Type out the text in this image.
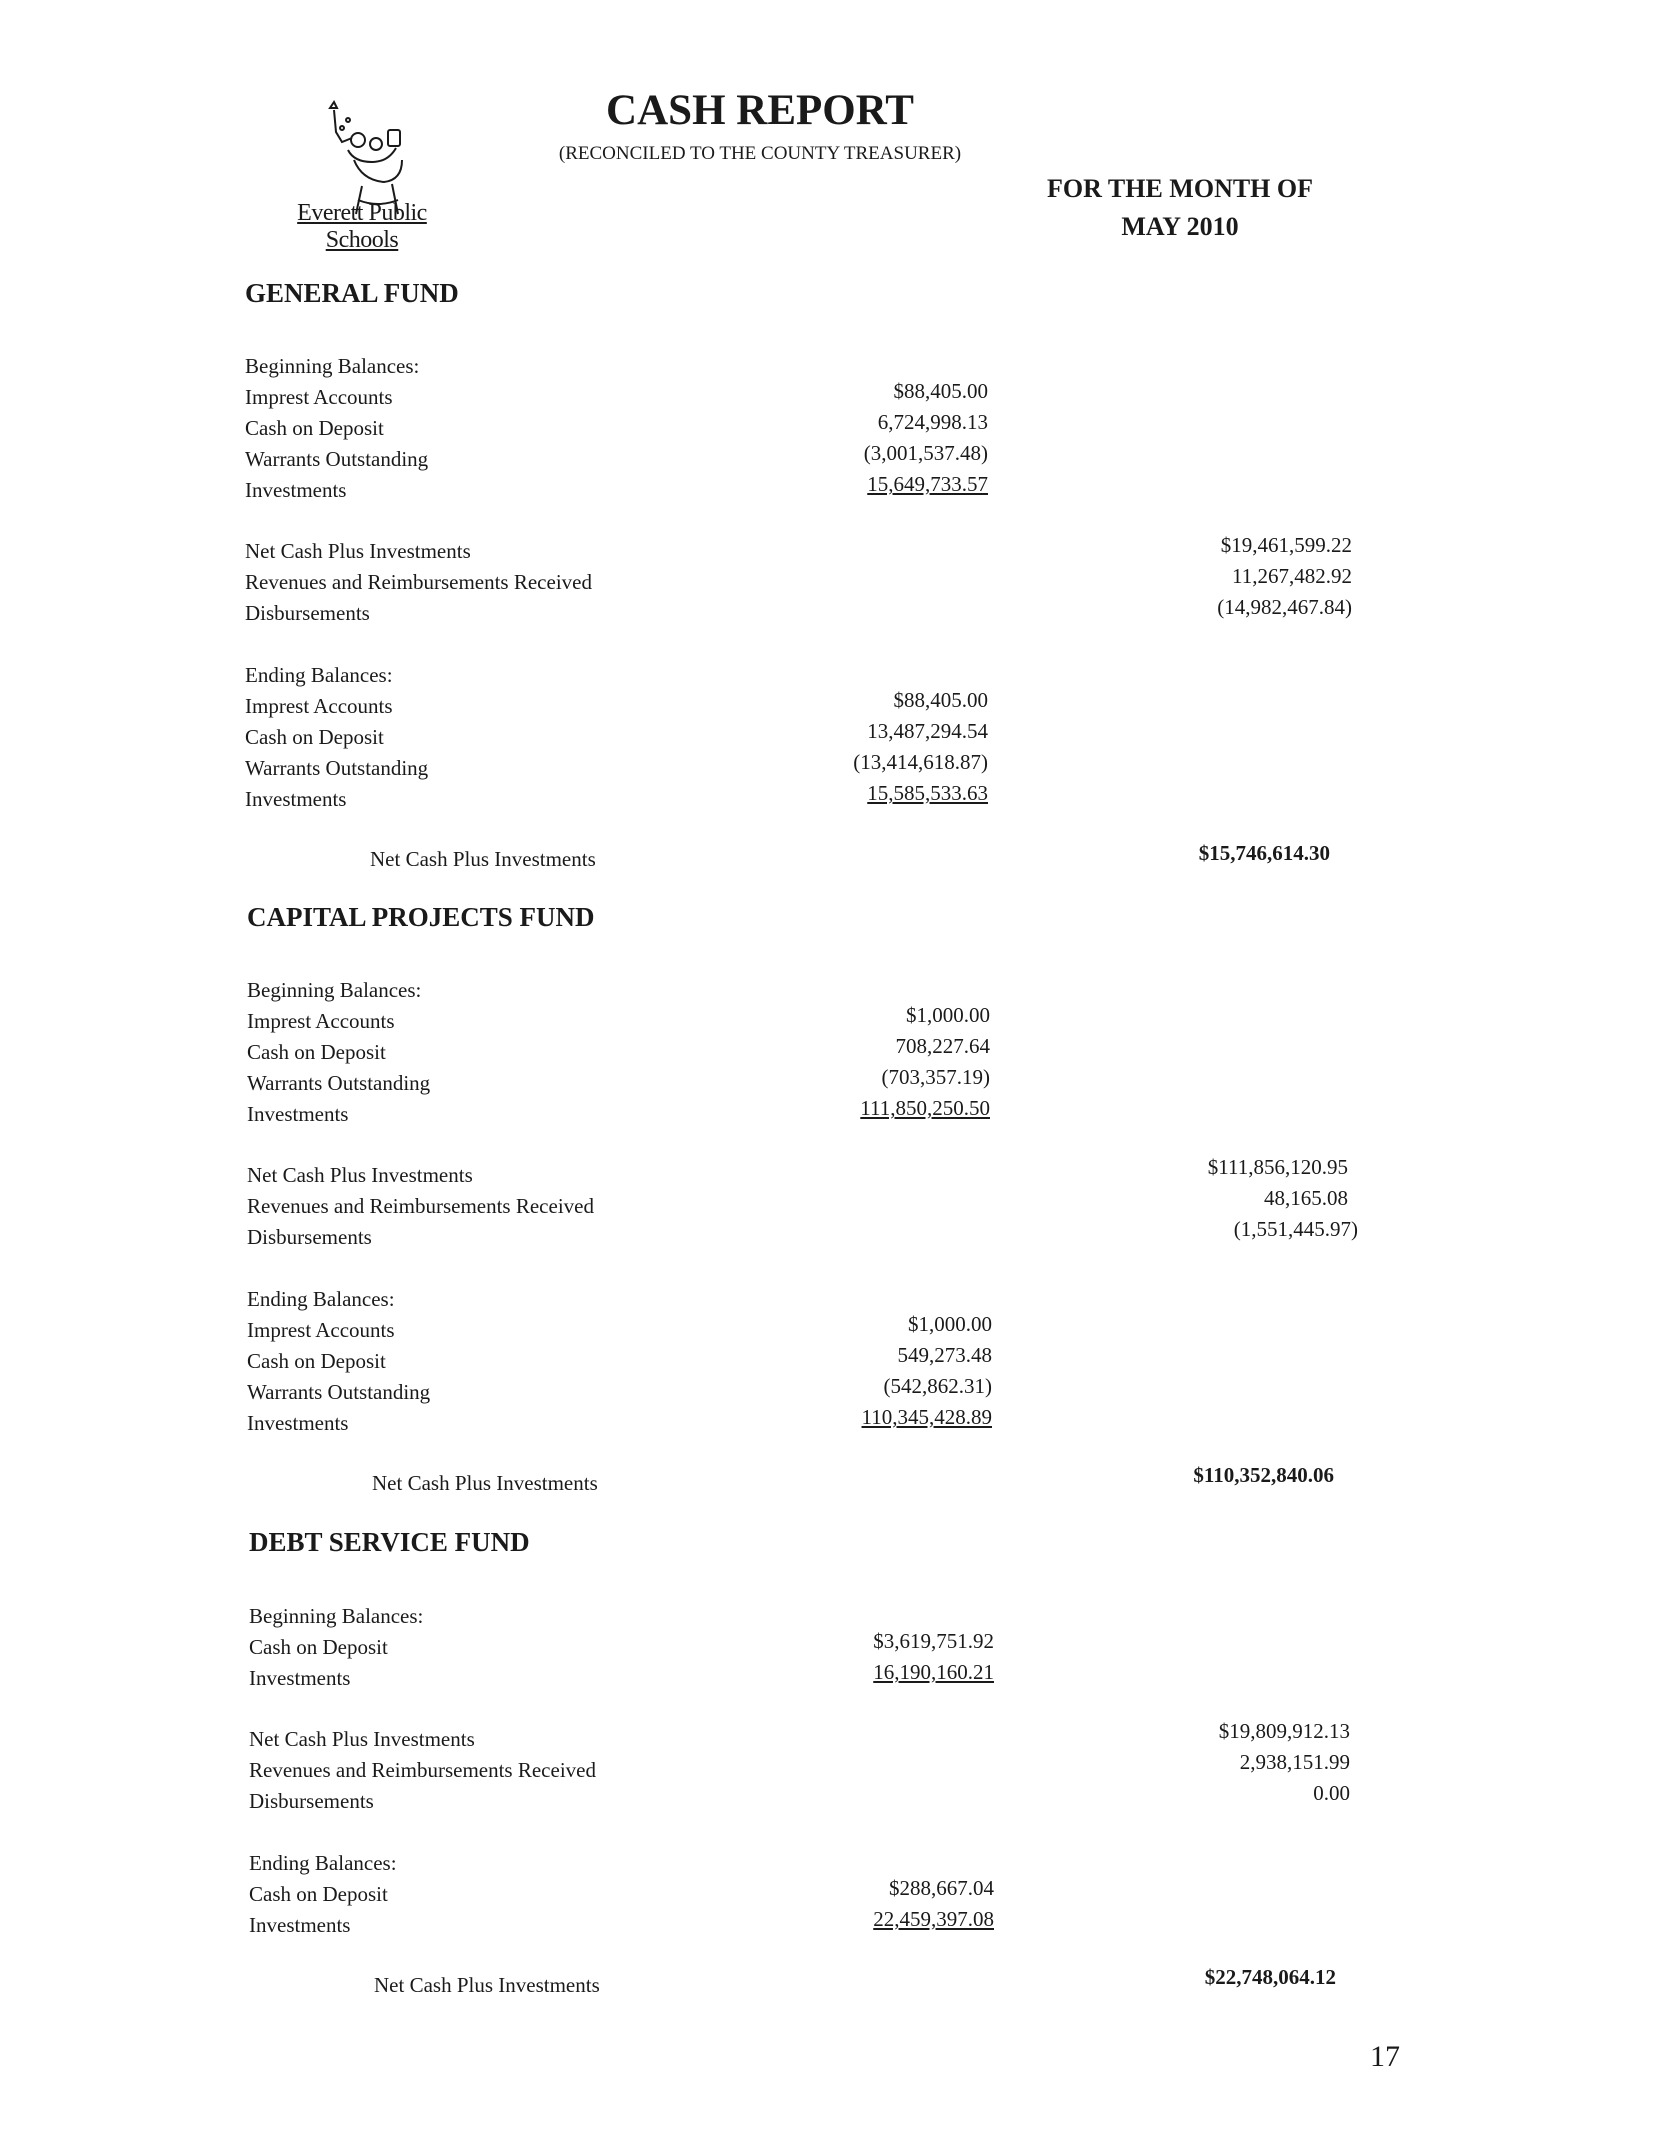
Everett Public Schools
CASH REPORT
(RECONCILED TO THE COUNTY TREASURER)
FOR THE MONTH OF
MAY 2010
GENERAL FUND
Beginning Balances:
Imprest Accounts	$88,405.00
Cash on Deposit	6,724,998.13
Warrants Outstanding	(3,001,537.48)
Investments	15,649,733.57
Net Cash Plus Investments	$19,461,599.22
Revenues and Reimbursements Received	11,267,482.92
Disbursements	(14,982,467.84)
Ending Balances:
Imprest Accounts	$88,405.00
Cash on Deposit	13,487,294.54
Warrants Outstanding	(13,414,618.87)
Investments	15,585,533.63
Net Cash Plus Investments	$15,746,614.30
CAPITAL PROJECTS FUND
Beginning Balances:
Imprest Accounts	$1,000.00
Cash on Deposit	708,227.64
Warrants Outstanding	(703,357.19)
Investments	111,850,250.50
Net Cash Plus Investments	$111,856,120.95
Revenues and Reimbursements Received	48,165.08
Disbursements	(1,551,445.97)
Ending Balances:
Imprest Accounts	$1,000.00
Cash on Deposit	549,273.48
Warrants Outstanding	(542,862.31)
Investments	110,345,428.89
Net Cash Plus Investments	$110,352,840.06
DEBT SERVICE FUND
Beginning Balances:
Cash on Deposit	$3,619,751.92
Investments	16,190,160.21
Net Cash Plus Investments	$19,809,912.13
Revenues and Reimbursements Received	2,938,151.99
Disbursements	0.00
Ending Balances:
Cash on Deposit	$288,667.04
Investments	22,459,397.08
Net Cash Plus Investments	$22,748,064.12
17
